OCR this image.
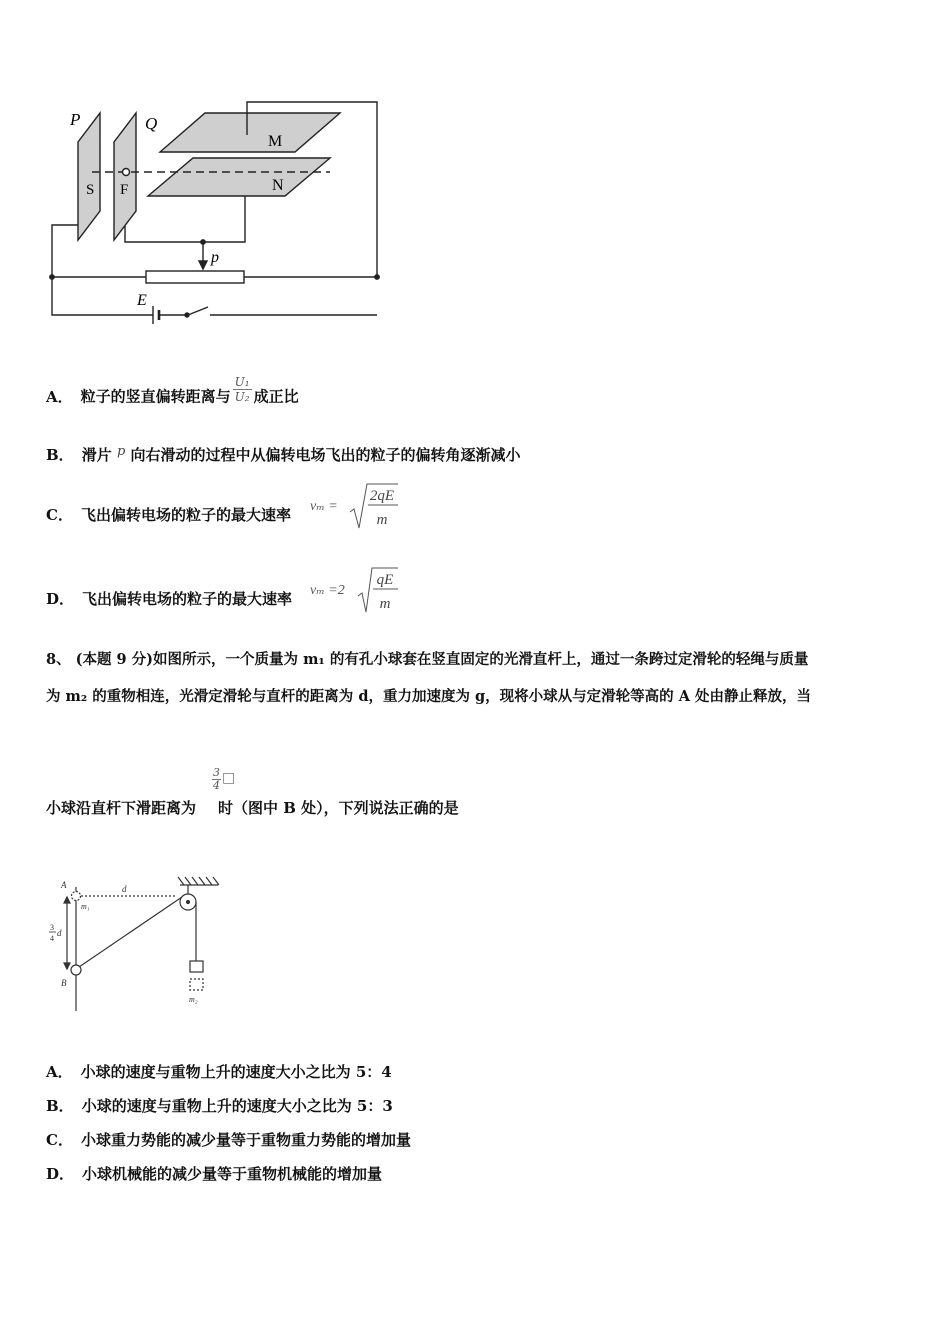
P	Q
M
N
S F
p
E
A． 粒子的竖直偏转距离与 $\frac{\text{U₁}}{\text{U₂}}$ 成正比
B． 滑片 p 向右滑动的过程中从偏转电场飞出的粒子的偏转角逐渐减小
C． 飞出偏转电场的粒子的最大速率 vₘ =
2qE
m
D． 飞出偏转电场的粒子的最大速率 vₘ =2
qE
m
8、 (本题 9 分)如图所示，一个质量为 m₁ 的有孔小球套在竖直固定的光滑直杆上，通过一条跨过定滑轮的轻绳与质量
为 m₂ 的重物相连，光滑定滑轮与直杆的距离为 d，重力加速度为 g，现将小球从与定滑轮等高的 A 处由静止释放，当
3
4 □
小球沿直杆下滑距离为 时（图中 B 处），下列说法正确的是
A
m₁
d
3
4
d
B
m₂
A． 小球的速度与重物上升的速度大小之比为 5：4
B． 小球的速度与重物上升的速度大小之比为 5：3
C． 小球重力势能的减少量等于重物重力势能的增加量
D． 小球机械能的减少量等于重物机械能的增加量
